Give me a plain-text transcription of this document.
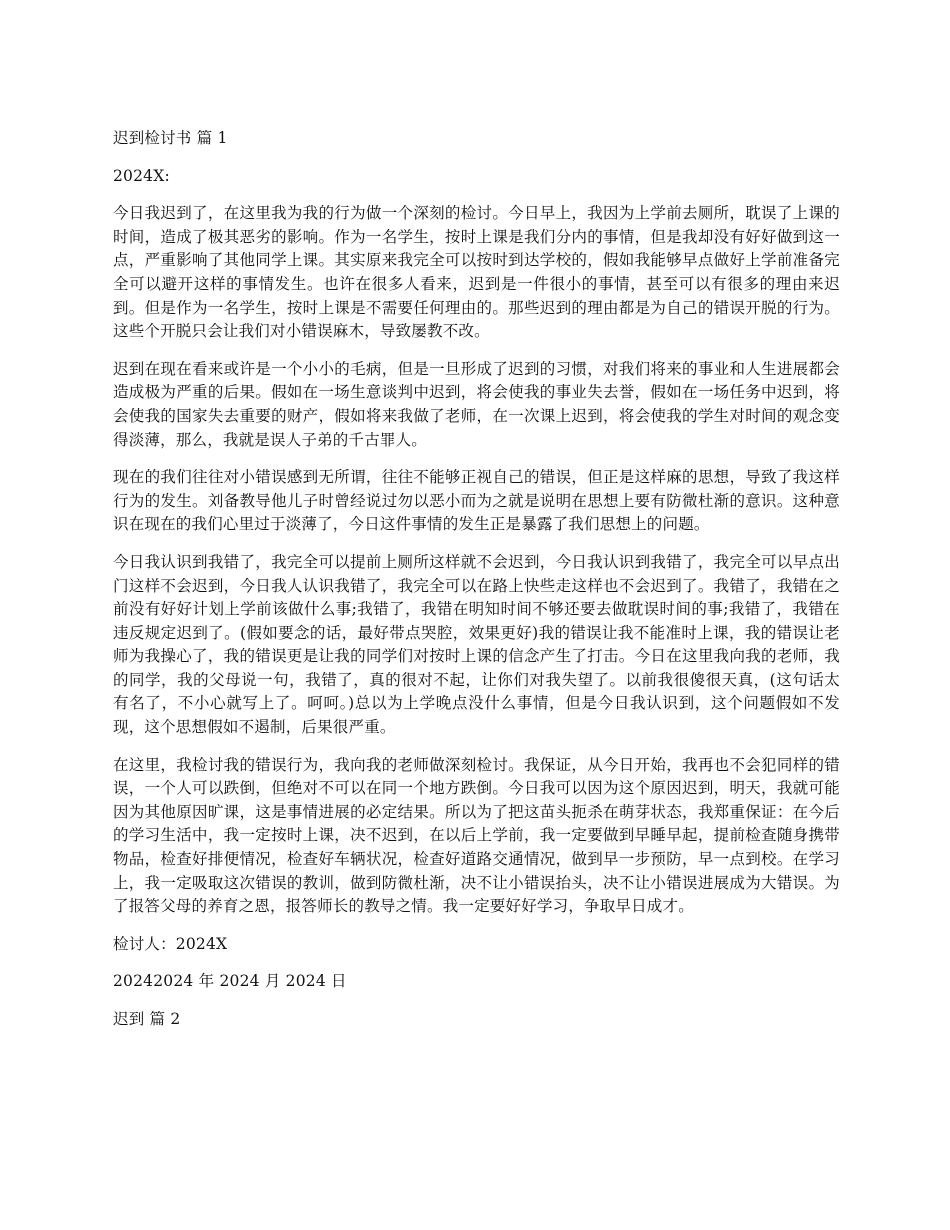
迟到检讨书 篇 1

2024X:

今日我迟到了，在这里我为我的行为做一个深刻的检讨。今日早上，我因为上学前去厕所，耽误了上课的时间，造成了极其恶劣的影响。作为一名学生，按时上课是我们分内的事情，但是我却没有好好做到这一点，严重影响了其他同学上课。其实原来我完全可以按时到达学校的，假如我能够早点做好上学前准备完全可以避开这样的事情发生。也许在很多人看来，迟到是一件很小的事情，甚至可以有很多的理由来迟到。但是作为一名学生，按时上课是不需要任何理由的。那些迟到的理由都是为自己的错误开脱的行为。这些个开脱只会让我们对小错误麻木，导致屡教不改。

迟到在现在看来或许是一个小小的毛病，但是一旦形成了迟到的习惯，对我们将来的事业和人生进展都会造成极为严重的后果。假如在一场生意谈判中迟到，将会使我的事业失去誉，假如在一场任务中迟到，将会使我的国家失去重要的财产，假如将来我做了老师，在一次课上迟到，将会使我的学生对时间的观念变得淡薄，那么，我就是误人子弟的千古罪人。

现在的我们往往对小错误感到无所谓，往往不能够正视自己的错误，但正是这样麻的思想，导致了我这样行为的发生。刘备教导他儿子时曾经说过勿以恶小而为之就是说明在思想上要有防微杜渐的意识。这种意识在现在的我们心里过于淡薄了，今日这件事情的发生正是暴露了我们思想上的问题。

今日我认识到我错了，我完全可以提前上厕所这样就不会迟到，今日我认识到我错了，我完全可以早点出门这样不会迟到，今日我人认识我错了，我完全可以在路上快些走这样也不会迟到了。我错了，我错在之前没有好好计划上学前该做什么事;我错了，我错在明知时间不够还要去做耽误时间的事;我错了，我错在违反规定迟到了。(假如要念的话，最好带点哭腔，效果更好)我的错误让我不能准时上课，我的错误让老师为我操心了，我的错误更是让我的同学们对按时上课的信念产生了打击。今日在这里我向我的老师，我的同学，我的父母说一句，我错了，真的很对不起，让你们对我失望了。以前我很傻很天真，(这句话太有名了，不小心就写上了。呵呵。)总以为上学晚点没什么事情，但是今日我认识到，这个问题假如不发现，这个思想假如不遏制，后果很严重。

在这里，我检讨我的错误行为，我向我的老师做深刻检讨。我保证，从今日开始，我再也不会犯同样的错误，一个人可以跌倒，但绝对不可以在同一个地方跌倒。今日我可以因为这个原因迟到，明天，我就可能因为其他原因旷课，这是事情进展的必定结果。所以为了把这苗头扼杀在萌芽状态，我郑重保证：在今后的学习生活中，我一定按时上课，决不迟到，在以后上学前，我一定要做到早睡早起，提前检查随身携带物品，检查好排便情况，检查好车辆状况，检查好道路交通情况，做到早一步预防，早一点到校。在学习上，我一定吸取这次错误的教训，做到防微杜渐，决不让小错误抬头，决不让小错误进展成为大错误。为了报答父母的养育之恩，报答师长的教导之情。我一定要好好学习，争取早日成才。

检讨人：2024X

20242024 年 2024 月 2024 日

迟到 篇 2
